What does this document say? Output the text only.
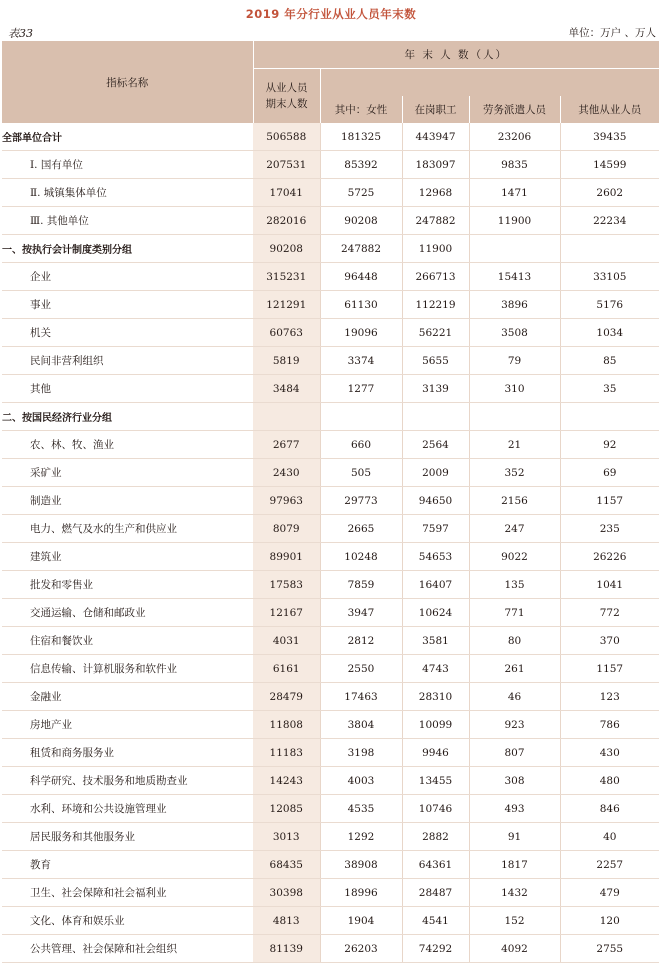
2019 年分行业从业人员年末数
表33	单位：万户 、万人
指标名称	年 末 人 数（人）				
	从业人员
期末人数				
		其中：女性	在岗职工	劳务派遣人员	其他从业人员
全部单位合计	506588	181325	443947	23206	39435
Ⅰ. 国有单位	207531	85392	183097	9835	14599
Ⅱ. 城镇集体单位	17041	5725	12968	1471	2602
Ⅲ. 其他单位	282016	90208	247882	11900	22234
一、按执行会计制度类别分组	90208	247882	11900		
企业	315231	96448	266713	15413	33105
事业	121291	61130	112219	3896	5176
机关	60763	19096	56221	3508	1034
民间非营利组织	5819	3374	5655	79	85
其他	3484	1277	3139	310	35
二、按国民经济行业分组					
农、林、牧、渔业	2677	660	2564	21	92
采矿业	2430	505	2009	352	69
制造业	97963	29773	94650	2156	1157
电力、燃气及水的生产和供应业	8079	2665	7597	247	235
建筑业	89901	10248	54653	9022	26226
批发和零售业	17583	7859	16407	135	1041
交通运输、仓储和邮政业	12167	3947	10624	771	772
住宿和餐饮业	4031	2812	3581	80	370
信息传输、计算机服务和软件业	6161	2550	4743	261	1157
金融业	28479	17463	28310	46	123
房地产业	11808	3804	10099	923	786
租赁和商务服务业	11183	3198	9946	807	430
科学研究、技术服务和地质勘查业	14243	4003	13455	308	480
水利、环境和公共设施管理业	12085	4535	10746	493	846
居民服务和其他服务业	3013	1292	2882	91	40
教育	68435	38908	64361	1817	2257
卫生、社会保障和社会福利业	30398	18996	28487	1432	479
文化、体育和娱乐业	4813	1904	4541	152	120
公共管理、社会保障和社会组织	81139	26203	74292	4092	2755
